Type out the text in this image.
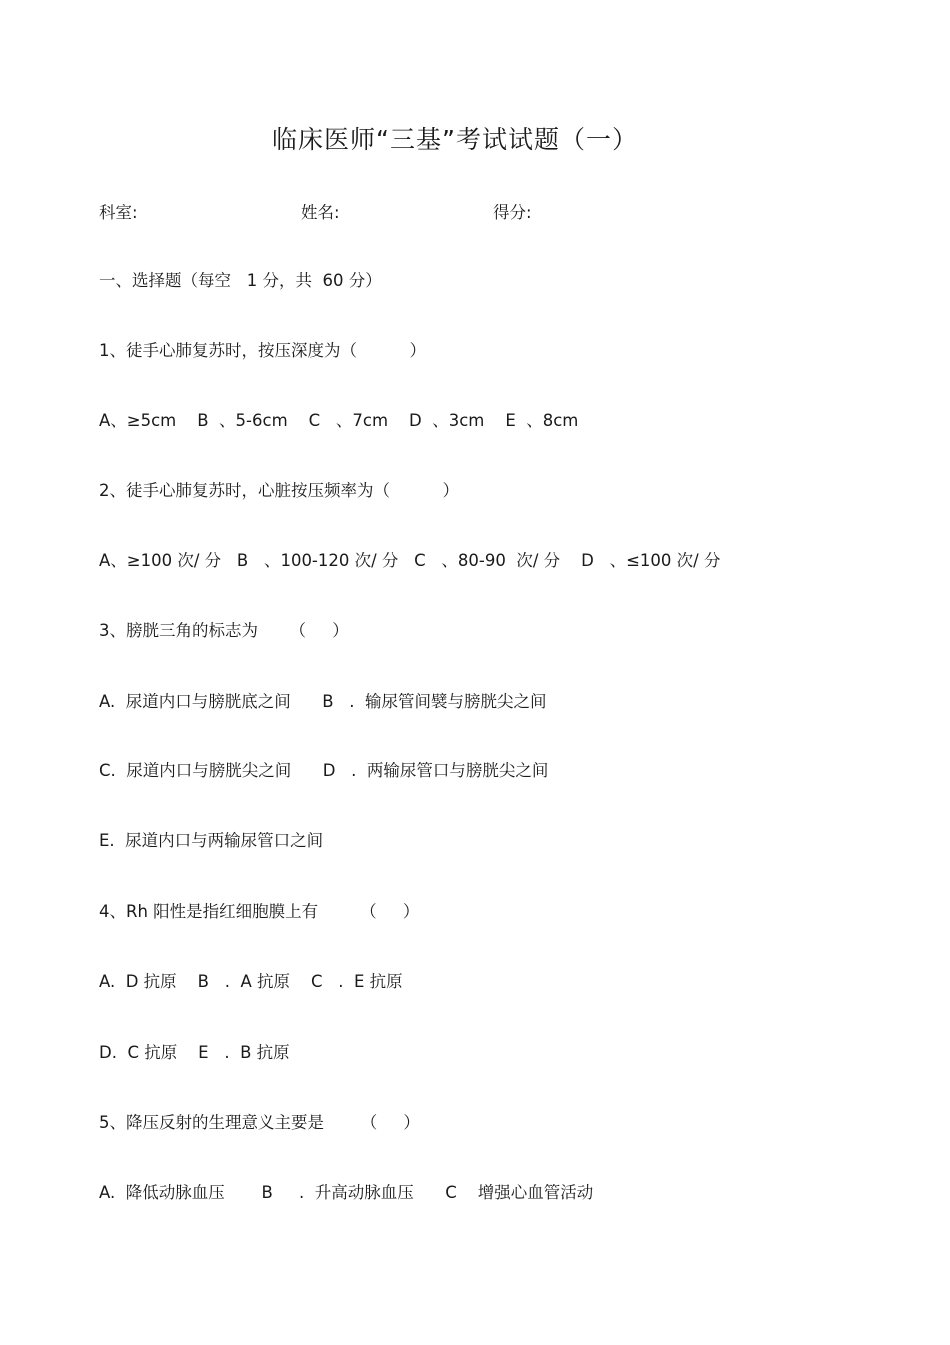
临床医师“三基”考试试题（一）
科室:	姓名:	得分:
一、选择题（每空   1 分，共  60 分）
1、徒手心肺复苏时，按压深度为（          ）
A、≥5cm    B  、5-6cm    C   、7cm    D  、3cm    E  、8cm
2、徒手心肺复苏时，心脏按压频率为（          ）
A、≥100 次/ 分   B   、100-120 次/ 分   C   、80-90  次/ 分    D   、≤100 次/ 分
3、膀胱三角的标志为      （     ）
A.  尿道内口与膀胱底之间      B   .  输尿管间襞与膀胱尖之间
C.  尿道内口与膀胱尖之间      D   .  两输尿管口与膀胱尖之间
E.  尿道内口与两输尿管口之间
4、Rh 阳性是指红细胞膜上有        （     ）
A.  D 抗原    B   .  A 抗原    C   .  E 抗原
D.  C 抗原    E   .  B 抗原
5、降压反射的生理意义主要是       （     ）
A.  降低动脉血压       B     .  升高动脉血压      C    增强心血管活动
